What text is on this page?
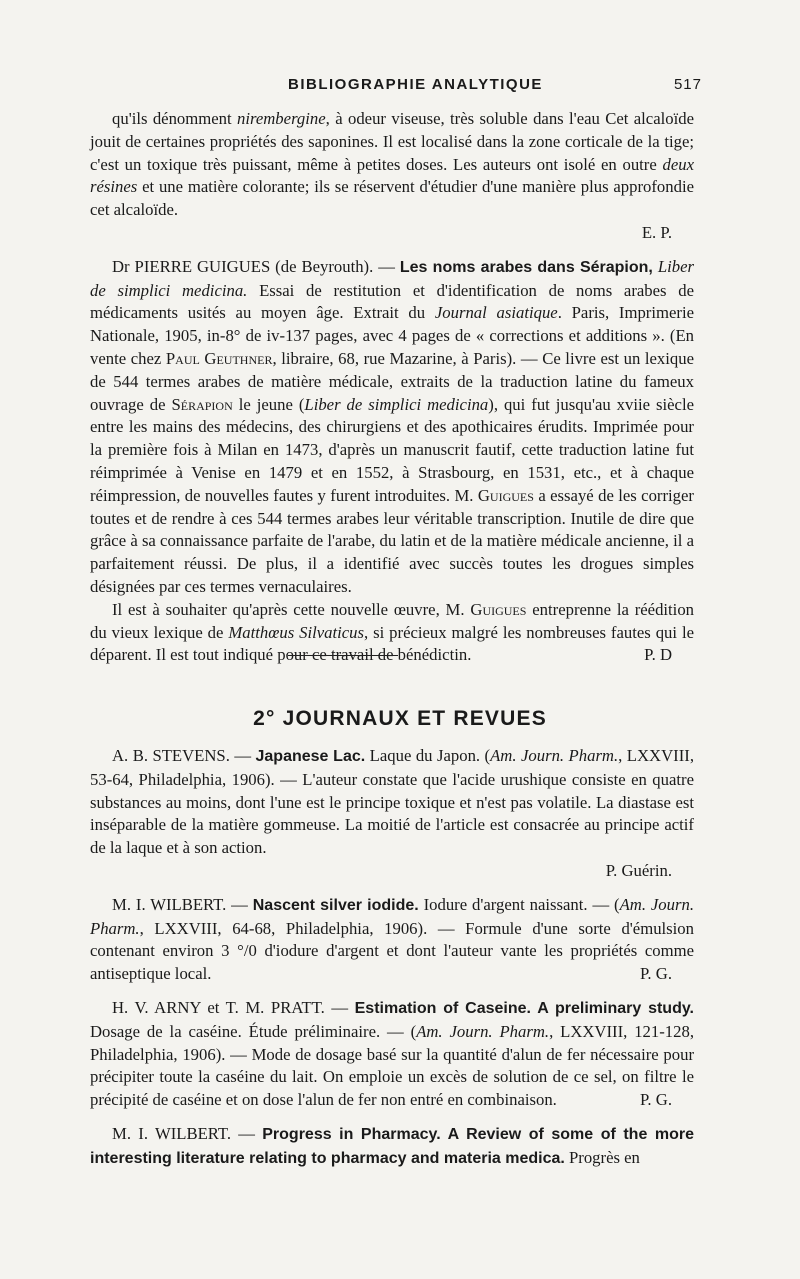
BIBLIOGRAPHIE ANALYTIQUE	517

qu'ils dénomment nirembergine, à odeur viseuse, très soluble dans l'eau Cet alcaloïde jouit de certaines propriétés des saponines. Il est localisé dans la zone corticale de la tige; c'est un toxique très puissant, même à petites doses. Les auteurs ont isolé en outre deux résines et une matière colorante; ils se réservent d'étudier d'une manière plus approfondie cet alcaloïde.

E. P.

Dr PIERRE GUIGUES (de Beyrouth). — Les noms arabes dans Sérapion, Liber de simplici medicina. Essai de restitution et d'identification de noms arabes de médicaments usités au moyen âge. Extrait du Journal asiatique. Paris, Imprimerie Nationale, 1905, in-8° de iv-137 pages, avec 4 pages de « corrections et additions ». (En vente chez Paul Geuthner, libraire, 68, rue Mazarine, à Paris). — Ce livre est un lexique de 544 termes arabes de matière médicale, extraits de la traduction latine du fameux ouvrage de Sérapion le jeune (Liber de simplici medicina), qui fut jusqu'au xviie siècle entre les mains des médecins, des chirurgiens et des apothicaires érudits. Imprimée pour la première fois à Milan en 1473, d'après un manuscrit fautif, cette traduction latine fut réimprimée à Venise en 1479 et en 1552, à Strasbourg, en 1531, etc., et à chaque réimpression, de nouvelles fautes y furent introduites. M. Guigues a essayé de les corriger toutes et de rendre à ces 544 termes arabes leur véritable transcription. Inutile de dire que grâce à sa connaissance parfaite de l'arabe, du latin et de la matière médicale ancienne, il a parfaitement réussi. De plus, il a identifié avec succès toutes les drogues simples désignées par ces termes vernaculaires.

Il est à souhaiter qu'après cette nouvelle œuvre, M. Guigues entreprenne la réédition du vieux lexique de Matthœus Silvaticus, si précieux malgré les nombreuses fautes qui le déparent. Il est tout indiqué pour ce travail de bénédictin.	P. D

2° JOURNAUX ET REVUES

A. B. STEVENS. — Japanese Lac. Laque du Japon. (Am. Journ. Pharm., LXXVIII, 53-64, Philadelphia, 1906). — L'auteur constate que l'acide urushique consiste en quatre substances au moins, dont l'une est le principe toxique et n'est pas volatile. La diastase est inséparable de la matière gommeuse. La moitié de l'article est consacrée au principe actif de la laque et à son action.

P. Guérin.

M. I. WILBERT. — Nascent silver iodide. Iodure d'argent naissant. — (Am. Journ. Pharm., LXXVIII, 64-68, Philadelphia, 1906). — Formule d'une sorte d'émulsion contenant environ 3 °/0 d'iodure d'argent et dont l'auteur vante les propriétés comme antiseptique local.	P. G.

H. V. ARNY et T. M. PRATT. — Estimation of Caseine. A preliminary study. Dosage de la caséine. Étude préliminaire. — (Am. Journ. Pharm., LXXVIII, 121-128, Philadelphia, 1906). — Mode de dosage basé sur la quantité d'alun de fer nécessaire pour précipiter toute la caséine du lait. On emploie un excès de solution de ce sel, on filtre le précipité de caséine et on dose l'alun de fer non entré en combinaison.	P. G.

M. I. WILBERT. — Progress in Pharmacy. A Review of some of the more interesting literature relating to pharmacy and materia medica. Progrès en
